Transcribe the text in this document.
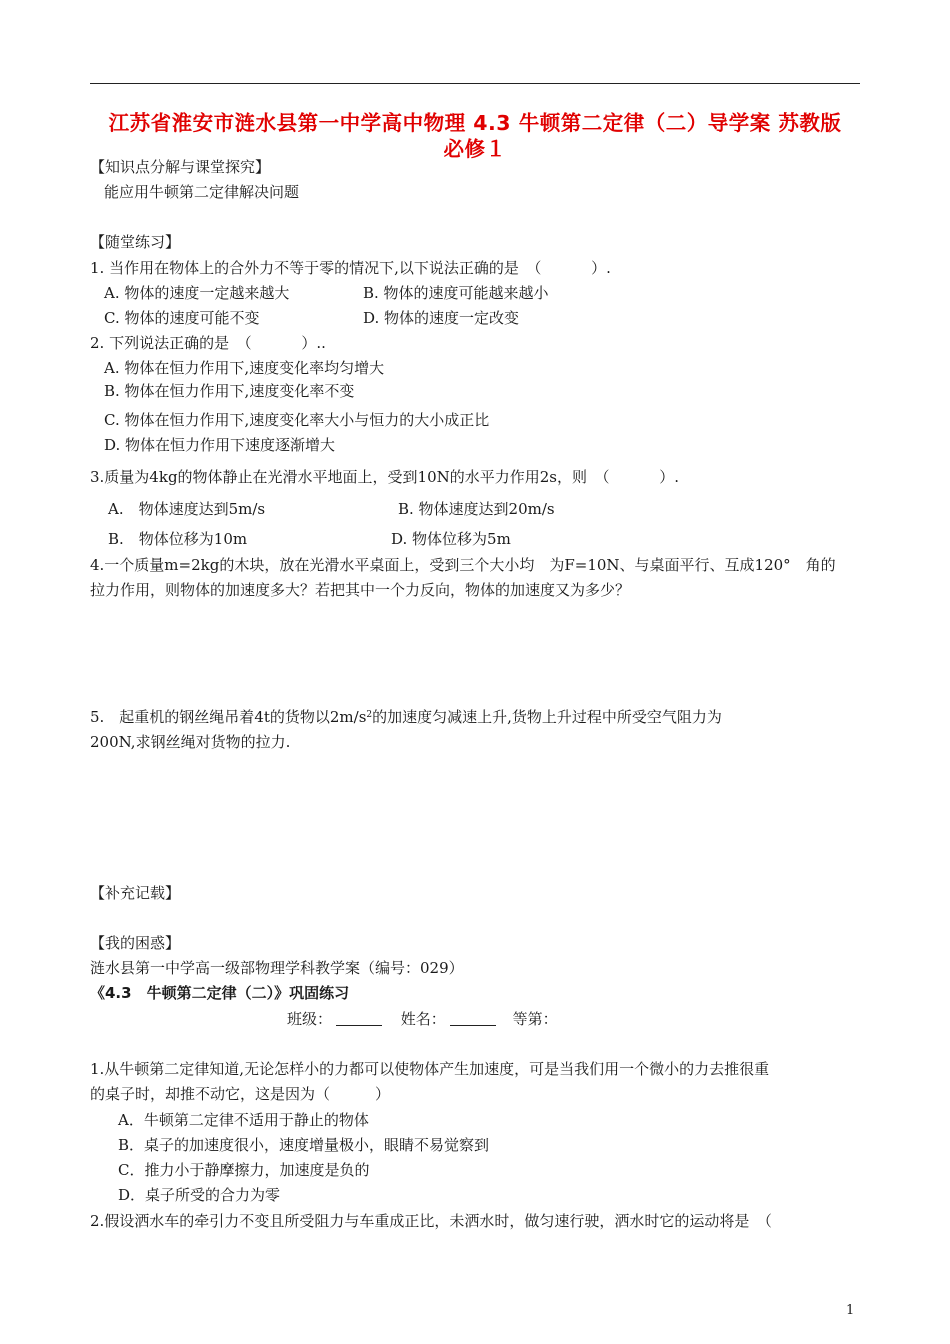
江苏省淮安市涟水县第一中学高中物理 4.3 牛顿第二定律（二）导学案 苏教版
必修１
【知识点分解与课堂探究】
能应用牛顿第二定律解决问题
【随堂练习】
1. 当作用在物体上的合外力不等于零的情况下,以下说法正确的是　（　　　 ）.
A. 物体的速度一定越来越大	B. 物体的速度可能越来越小
C. 物体的速度可能不变	D. 物体的速度一定改变
2. 下列说法正确的是　（　　　 ）..
A. 物体在恒力作用下,速度变化率均匀增大
B. 物体在恒力作用下,速度变化率不变
C. 物体在恒力作用下,速度变化率大小与恒力的大小成正比
D. 物体在恒力作用下速度逐渐增大
3.质量为4kg的物体静止在光滑水平地面上，受到10N的水平力作用2s，则　（　　　 ）.
A.　物体速度达到5m/s	B. 物体速度达到20m/s
B.　物体位移为10m	D. 物体位移为5m
4.一个质量m=2kg的木块，放在光滑水平桌面上，受到三个大小均　为F=10N、与桌面平行、互成120°　角的
拉力作用，则物体的加速度多大？若把其中一个力反向，物体的加速度又为多少？
5.　起重机的钢丝绳吊着4t的货物以$2m/s^2$的加速度匀减速上升,货物上升过程中所受空气阻力为
200N,求钢丝绳对货物的拉力.
【补充记载】
【我的困惑】
涟水县第一中学高一级部物理学科教学案（编号：029）
《4.3　牛顿第二定律（二）》巩固练习
班级：	姓名：	等第：
1.从牛顿第二定律知道,无论怎样小的力都可以使物体产生加速度，可是当我们用一个微小的力去推很重
的桌子时，却推不动它，这是因为（　　　）
A．牛顿第二定律不适用于静止的物体
B．桌子的加速度很小，速度增量极小，眼睛不易觉察到
C．推力小于静摩擦力，加速度是负的
D．桌子所受的合力为零
2.假设洒水车的牵引力不变且所受阻力与车重成正比，未洒水时，做匀速行驶，洒水时它的运动将是　（
1
